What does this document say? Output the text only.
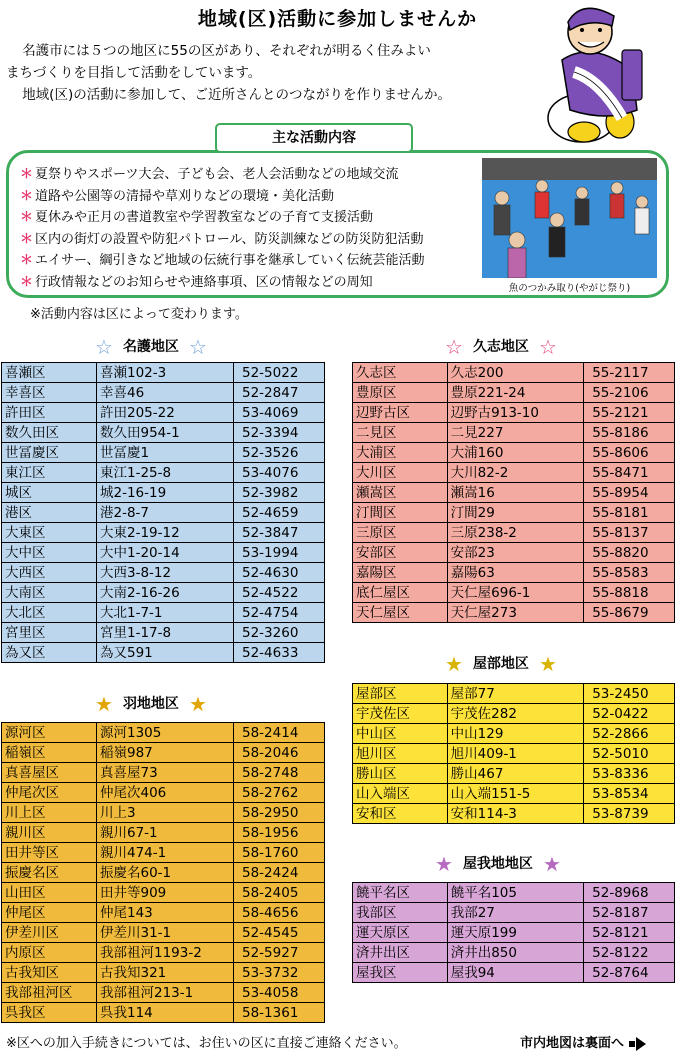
地域(区)活動に参加しませんか

名護市には５つの地区に55の区があり、それぞれが明るく住みよい

まちづくりを目指して活動をしています。

地域(区)の活動に参加して、ご近所さんとのつながりを作りませんか。

主な活動内容
＊ 夏祭りやスポーツ大会、子ども会、老人会活動などの地域交流
＊ 道路や公園等の清掃や草刈りなどの環境・美化活動
＊ 夏休みや正月の書道教室や学習教室などの子育て支援活動
＊ 区内の街灯の設置や防犯パトロール、防災訓練などの防災防犯活動
＊ エイサー、綱引きなど地域の伝統行事を継承していく伝統芸能活動
＊ 行政情報などのお知らせや連絡事項、区の情報などの周知	魚のつかみ取り(やがじ祭り)
※活動内容は区によって変わります。
☆ 名護地区 ☆
喜瀬区	喜瀬102-3	52-5022
幸喜区	幸喜46	52-2847
許田区	許田205-22	53-4069
数久田区	数久田954-1	52-3394
世冨慶区	世冨慶1	52-3526
東江区	東江1-25-8	53-4076
城区	城2-16-19	52-3982
港区	港2-8-7	52-4659
大東区	大東2-19-12	52-3847
大中区	大中1-20-14	53-1994
大西区	大西3-8-12	52-4630
大南区	大南2-16-26	52-4522
大北区	大北1-7-1	52-4754
宮里区	宮里1-17-8	52-3260
為又区	為又591	52-4633
☆ 久志地区 ☆
久志区	久志200	55-2117
豊原区	豊原221-24	55-2106
辺野古区	辺野古913-10	55-2121
二見区	二見227	55-8186
大浦区	大浦160	55-8606
大川区	大川82-2	55-8471
瀬嵩区	瀬嵩16	55-8954
汀間区	汀間29	55-8181
三原区	三原238-2	55-8137
安部区	安部23	55-8820
嘉陽区	嘉陽63	55-8583
底仁屋区	天仁屋696-1	55-8818
天仁屋区	天仁屋273	55-8679
★ 屋部地区 ★
屋部区	屋部77	53-2450
宇茂佐区	宇茂佐282	52-0422
中山区	中山129	52-2866
旭川区	旭川409-1	52-5010
勝山区	勝山467	53-8336
山入端区	山入端151-5	53-8534
安和区	安和114-3	53-8739
★ 羽地地区 ★
源河区	源河1305	58-2414
稲嶺区	稲嶺987	58-2046
真喜屋区	真喜屋73	58-2748
仲尾次区	仲尾次406	58-2762
川上区	川上3	58-2950
親川区	親川67-1	58-1956
田井等区	親川474-1	58-1760
振慶名区	振慶名60-1	58-2424
山田区	田井等909	58-2405
仲尾区	仲尾143	58-4656
伊差川区	伊差川31-1	52-4545
内原区	我部祖河1193-2	52-5927
古我知区	古我知321	53-3732
我部祖河区	我部祖河213-1	53-4058
呉我区	呉我114	58-1361
★ 屋我地地区 ★
饒平名区	饒平名105	52-8968
我部区	我部27	52-8187
運天原区	運天原199	52-8121
済井出区	済井出850	52-8122
屋我区	屋我94	52-8764
※区への加入手続きについては、お住いの区に直接ご連絡ください。	市内地図は裏面へ
